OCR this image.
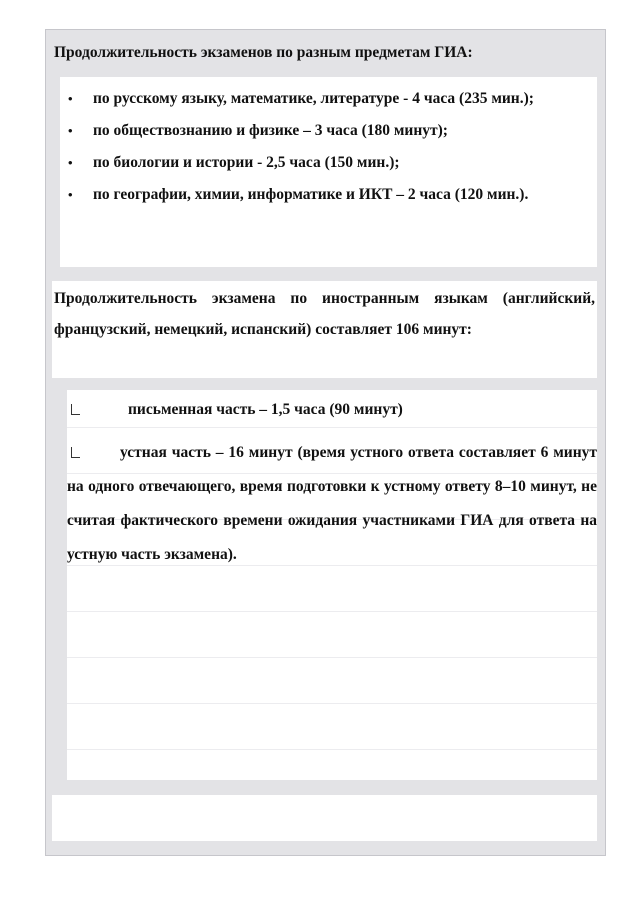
Продолжительность экзаменов по разным предметам ГИА:
• по русскому языку, математике, литературе - 4 часа (235 мин.);
• по обществознанию и физике – 3 часа (180 минут);
• по биологии и истории - 2,5 часа (150 мин.);
• по географии, химии, информатике и ИКТ – 2 часа (120 мин.).
Продолжительность экзамена по иностранным языкам (английский, французский, немецкий, испанский) составляет 106 минут:
письменная часть – 1,5 часа (90 минут)
устная часть – 16 минут (время устного ответа составляет 6 минут на одного отвечающего, время подготовки к устному ответу 8–10 минут, не считая фактического времени ожидания участниками ГИА для ответа на устную часть экзамена).
